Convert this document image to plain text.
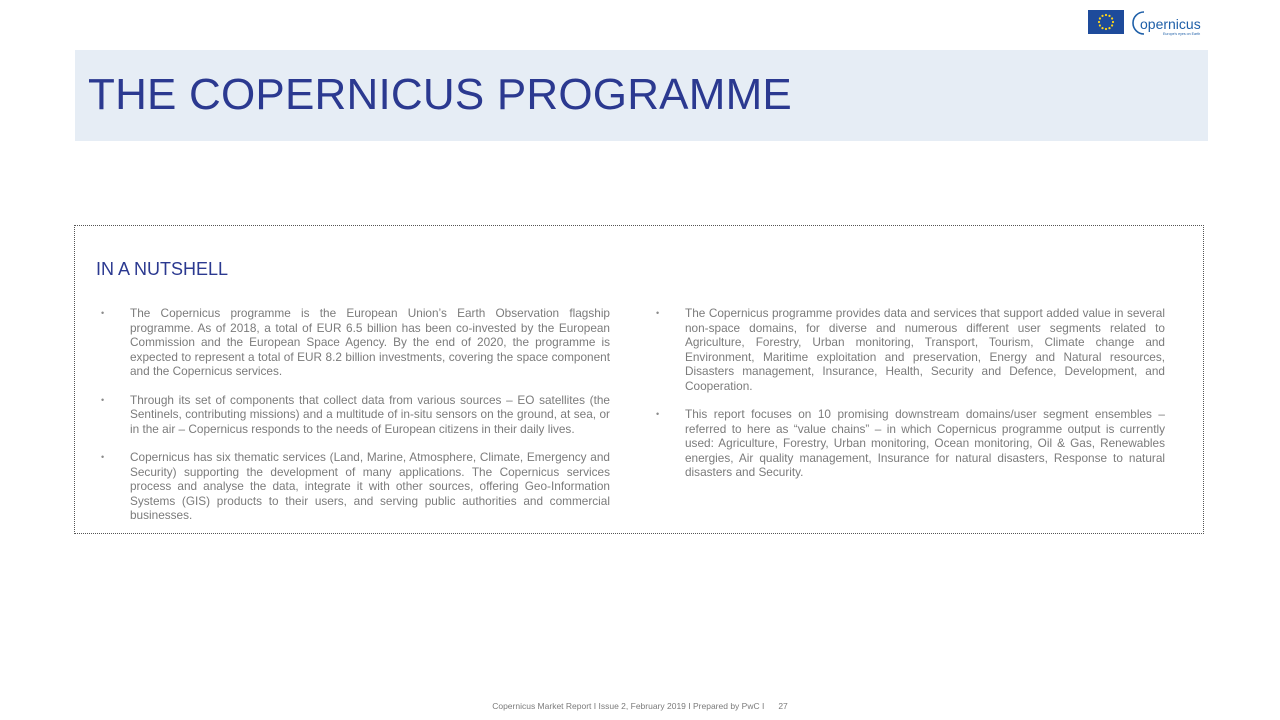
opernicus
Europe's eyes on Earth
THE COPERNICUS PROGRAMME
IN A NUTSHELL
• The Copernicus programme is the European Union’s Earth Observation flagship programme. As of 2018, a total of EUR 6.5 billion has been co-invested by the European Commission and the European Space Agency. By the end of 2020, the programme is expected to represent a total of EUR 8.2 billion investments, covering the space component and the Copernicus services.
• Through its set of components that collect data from various sources – EO satellites (the Sentinels, contributing missions) and a multitude of in-situ sensors on the ground, at sea, or in the air – Copernicus responds to the needs of European citizens in their daily lives.
• Copernicus has six thematic services (Land, Marine, Atmosphere, Climate, Emergency and Security) supporting the development of many applications. The Copernicus services process and analyse the data, integrate it with other sources, offering Geo-Information Systems (GIS) products to their users, and serving public authorities and commercial businesses.
• The Copernicus programme provides data and services that support added value in several non-space domains, for diverse and numerous different user segments related to Agriculture, Forestry, Urban monitoring, Transport, Tourism, Climate change and Environment, Maritime exploitation and preservation, Energy and Natural resources, Disasters management, Insurance, Health, Security and Defence, Development, and Cooperation.
• This report focuses on 10 promising downstream domains/user segment ensembles – referred to here as “value chains” – in which Copernicus programme output is currently used: Agriculture, Forestry, Urban monitoring, Ocean monitoring, Oil & Gas, Renewables energies, Air quality management, Insurance for natural disasters, Response to natural disasters and Security.
Copernicus Market Report I Issue 2, February 2019 I Prepared by PwC I 27
